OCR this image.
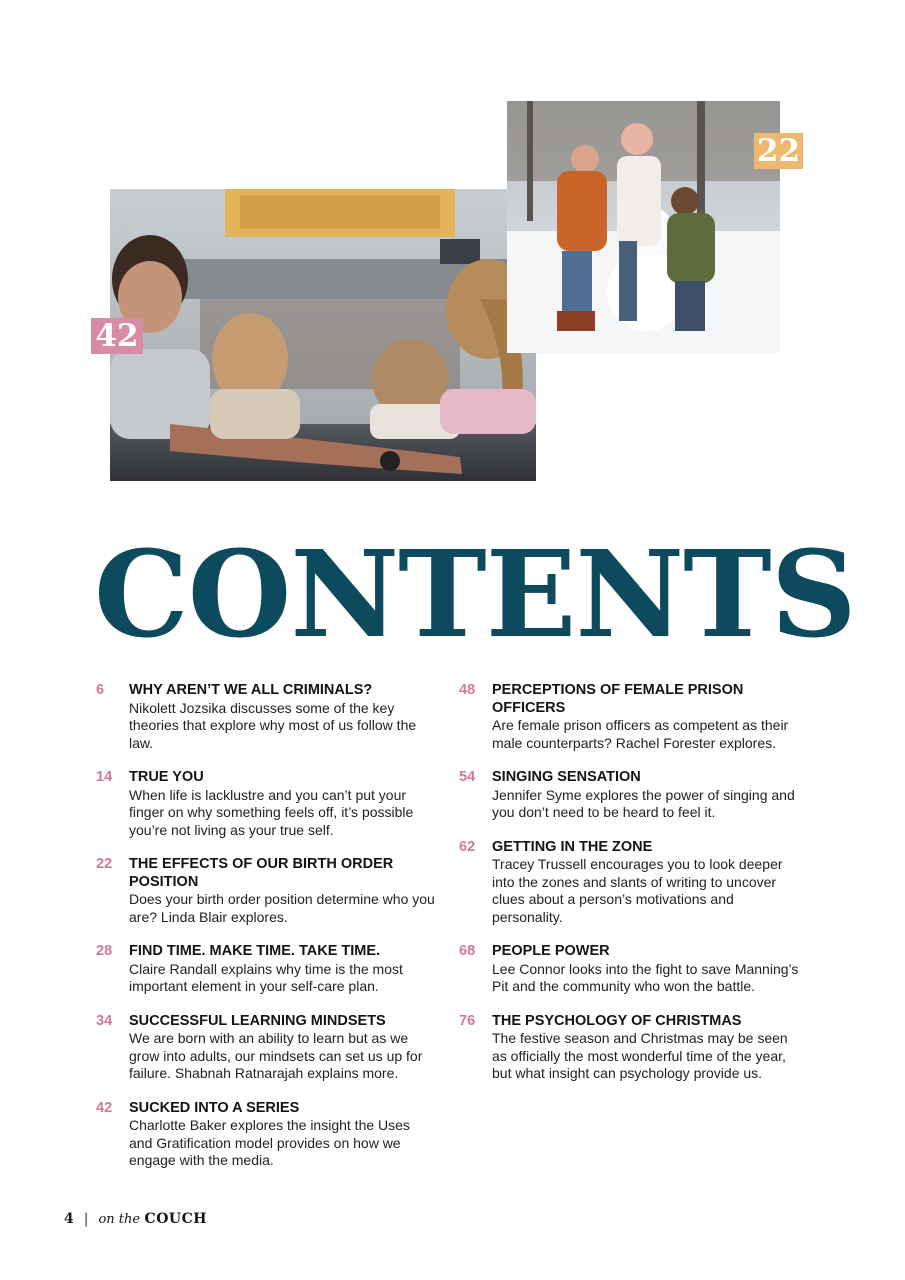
42
22
CONTENTS
6	WHY AREN’T WE ALL CRIMINALS?
Nikolett Jozsika discusses some of the key theories that explore why most of us follow the law.
14	TRUE YOU
When life is lacklustre and you can’t put your finger on why something feels off, it’s possible you’re not living as your true self.
22	THE EFFECTS OF OUR BIRTH ORDER POSITION
Does your birth order position determine who you are? Linda Blair explores.
28	FIND TIME. MAKE TIME. TAKE TIME.
Claire Randall explains why time is the most important element in your self-care plan.
34	SUCCESSFUL LEARNING MINDSETS
We are born with an ability to learn but as we grow into adults, our mindsets can set us up for failure. Shabnah Ratnarajah explains more.
42	SUCKED INTO A SERIES
Charlotte Baker explores the insight the Uses and Gratification model provides on how we engage with the media.
48	PERCEPTIONS OF FEMALE PRISON OFFICERS
Are female prison officers as competent as their male counterparts? Rachel Forester explores.
54	SINGING SENSATION
Jennifer Syme explores the power of singing and you don’t need to be heard to feel it.
62	GETTING IN THE ZONE
Tracey Trussell encourages you to look deeper into the zones and slants of writing to uncover clues about a person’s motivations and personality.
68	PEOPLE POWER
Lee Connor looks into the fight to save Manning’s Pit and the community who won the battle.
76	THE PSYCHOLOGY OF CHRISTMAS
The festive season and Christmas may be seen as officially the most wonderful time of the year, but what insight can psychology provide us.
4 | on the COUCH
